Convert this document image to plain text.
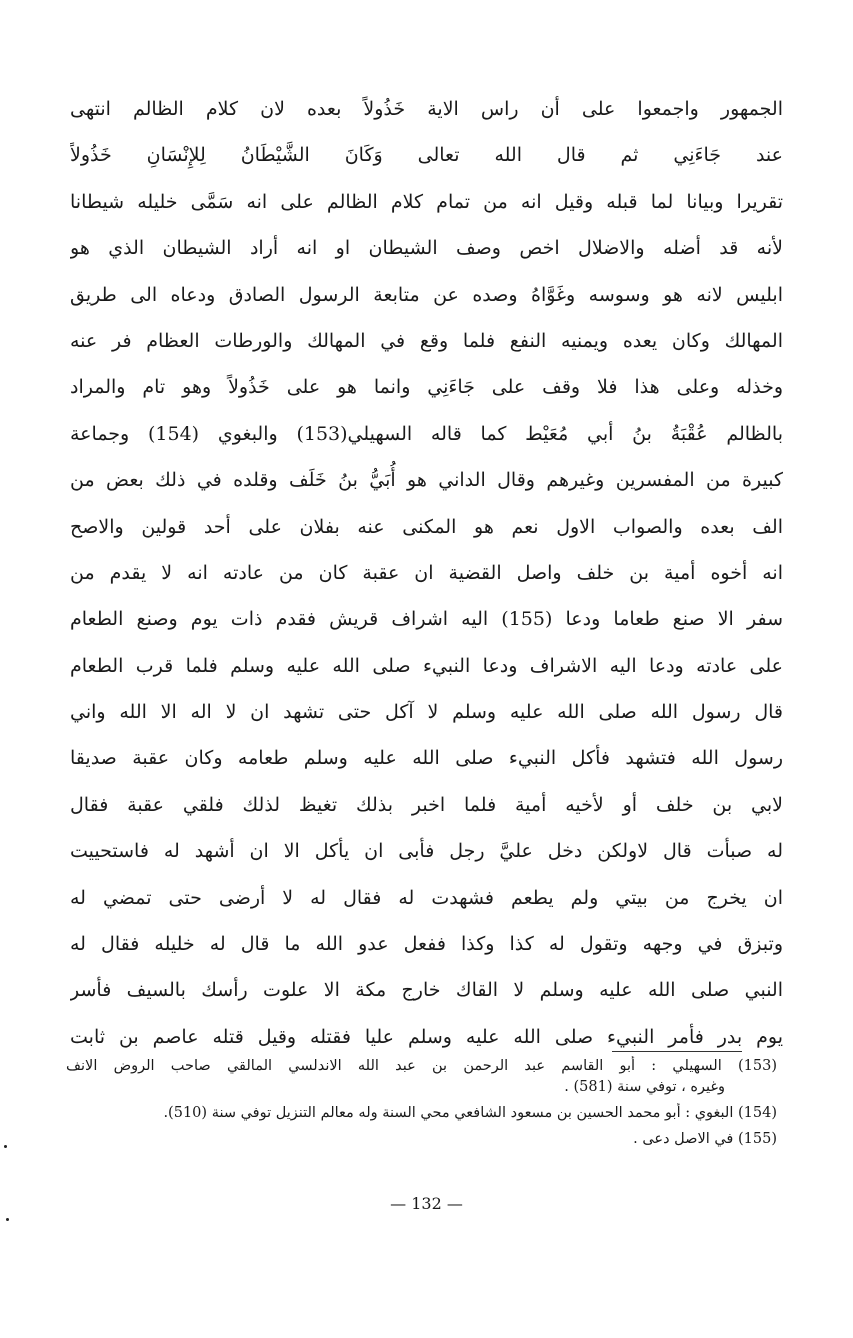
الجمهور واجمعوا على أن راس الاية خَذُولاً بعده لان كلام الظالم انتهى
عند جَاءَنِي ثم قال الله تعالى وَكَانَ الشَّيْطَانُ لِلإِنْسَانِ خَذُولاً
تقريرا وبيانا لما قبله وقيل انه من تمام كلام الظالم على انه سَمَّى خليله شيطانا
لأنه قد أضله والاضلال اخص وصف الشيطان او انه أراد الشيطان الذي هو
ابليس لانه هو وسوسه وغَوَّاهُ وصده عن متابعة الرسول الصادق ودعاه الى طريق
المهالك وكان يعده ويمنيه النفع فلما وقع في المهالك والورطات العظام فر عنه
وخذله وعلى هذا فلا وقف على جَاءَنِي وانما هو على خَذُولاً وهو تام والمراد
بالظالم عُقْبَةُ بنُ أبي مُعَيْط كما قاله السهيلي(153) والبغوي (154) وجماعة
كبيرة من المفسرين وغيرهم وقال الداني هو أُبَيُّ بنُ خَلَف وقلده في ذلك بعض من
الف بعده والصواب الاول نعم هو المكنى عنه بفلان على أحد قولين والاصح
انه أخوه أمية بن خلف واصل القضية ان عقبة كان من عادته انه لا يقدم من
سفر الا صنع طعاما ودعا (155) اليه اشراف قريش فقدم ذات يوم وصنع الطعام
على عادته ودعا اليه الاشراف ودعا النبيء صلى الله عليه وسلم فلما قرب الطعام
قال رسول الله صلى الله عليه وسلم لا آكل حتى تشهد ان لا اله الا الله واني
رسول الله فتشهد فأكل النبيء صلى الله عليه وسلم طعامه وكان عقبة صديقا
لابي بن خلف أو لأخيه أمية فلما اخبر بذلك تغيظ لذلك فلقي عقبة فقال
له صبأت قال لاولكن دخل عليَّ رجل فأبى ان يأكل الا ان أشهد له فاستحييت
ان يخرج من بيتي ولم يطعم فشهدت له فقال له لا أرضى حتى تمضي له
وتبزق في وجهه وتقول له كذا وكذا ففعل عدو الله ما قال له خليله فقال له
النبي صلى الله عليه وسلم لا القاك خارج مكة الا علوت رأسك بالسيف فأسر
يوم بدر فأمر النبيء صلى الله عليه وسلم عليا فقتله وقيل قتله عاصم بن ثابت
(153) السهيلي : أبو القاسم عبد الرحمن بن عبد الله الاندلسي المالقي صاحب الروض الانف
وغيره ، توفي سنة (581) .
(154) البغوي : أبو محمد الحسين بن مسعود الشافعي محي السنة وله معالم التنزيل توفي سنة (510).
(155) في الاصل دعى .
— 132 —
